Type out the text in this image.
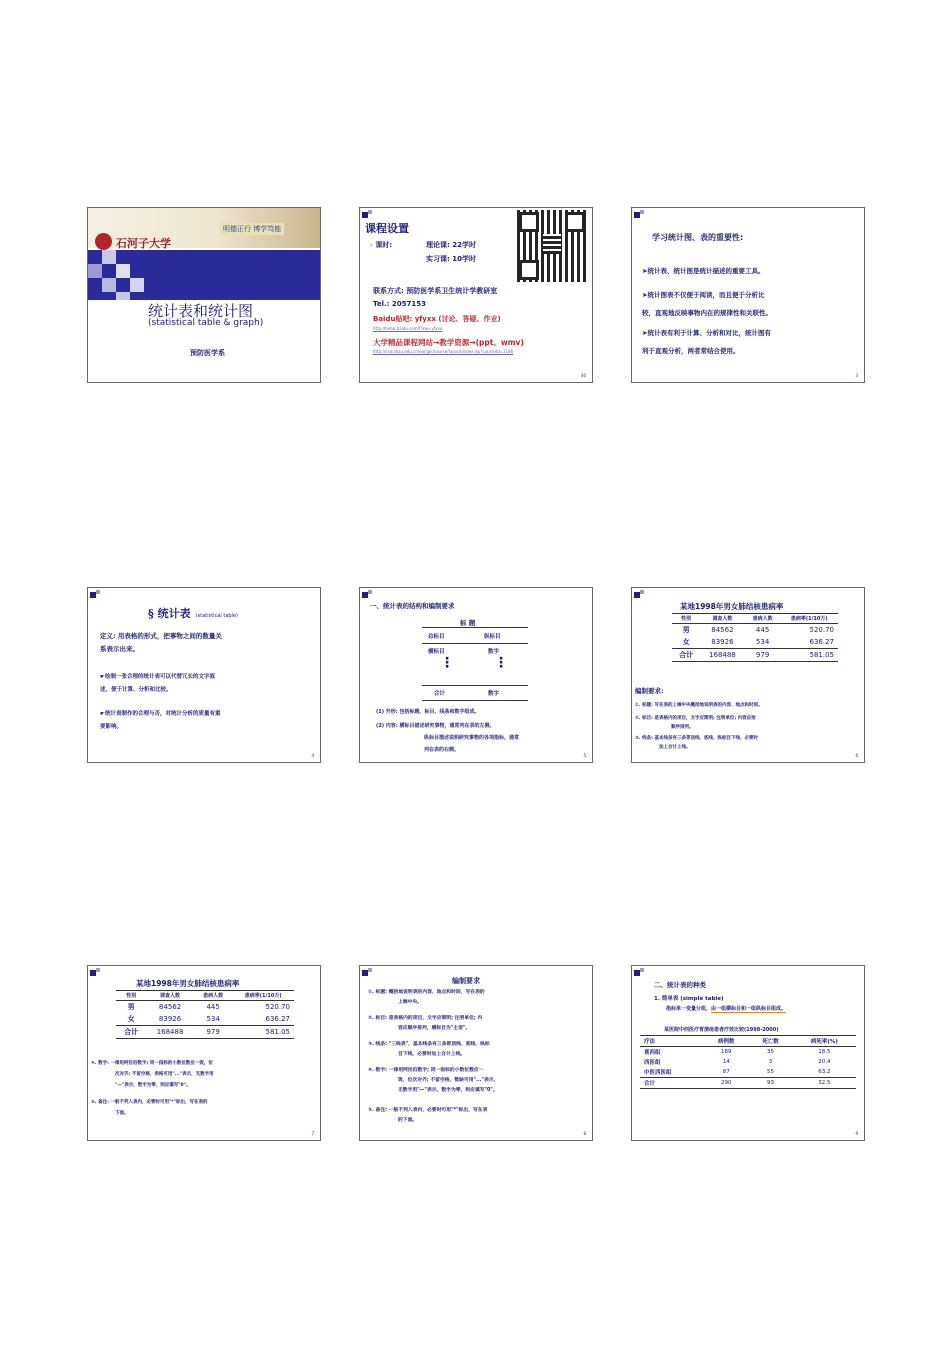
石河子大学
明德正行 博学笃能
统计表和统计图
(statistical table & graph)
预防医学系
课程设置
› 课时:	理论课: 22学时
实习课: 10学时
联系方式: 预防医学系卫生统计学教研室
Tel.: 2057153
Baidu贴吧: yfyxx (讨论、答疑、作业)
http://tieba.baidu.com/f?kw=yfyxx
大学精品课程网站→教学资源→(ppt、wmv)
http://cnd.shzu.edu.cn/eol/jpk/course/layout/index.jsp?courseId=1186
40
学习统计图、表的重要性:
➤统计表、统计图是统计描述的重要工具。
➤统计图表不仅便于阅读，而且便于分析比
较，直观地反映事物内在的规律性和关联性。
➤统计表有利于计算、分析和对比，统计图有
利于直观分析，两者常结合使用。
3
§ 统计表 (statistical table)
定义: 用表格的形式，把事物之间的数量关
系表示出来。
☛绘制一张合理的统计表可以代替冗长的文字叙
述，便于计算、分析和比较。
☛统计表制作的合理与否，对统计分析的质量有重
要影响。
4
一、统计表的结构和编制要求
标 题
总标目	纵标目
横标目	数字
⋮	⋮
合计	数字
(1) 外形: 包括标题、标目、线条和数字组成。
(2) 内容: 横标目描述研究事物，通常列在表的左侧。
纵标目描述说明研究事物的各项指标，通常
列在表的右侧。
5
某地1998年男女肺结核患病率
性别	调查人数	患病人数	患病率(1/10万)
男	84562	445	520.70
女	83926	534	636.27
合计	168488	979	581.05
编制要求:
①. 标题: 写在表的上端中央概括地说明表的内容、地点和时间。
②. 标目: 是表格内的项目，文字应简明; 注明单位; 内容应按
顺序排列。
③. 线条: 基本线条有三条等顶线、底线、纵标目下线，必要时
加上合计上线。
6
某地1998年男女肺结核患病率
性别	调查人数	患病人数	患病率(1/10万)
男	84562	445	520.70
女	83926	534	636.27
合计	168488	979	581.05
④. 数字: 一律用阿拉伯数字; 同一指标的小数位数应一致，位
次对齐; 不留空格，表格可用"..."表示，无数字用
"—"表示，数字为零，则应填写"0"。
⑤. 备注: 一般不列入表内，必要时可用"*"标出，写在表的
下面。
7
编制要求
①. 标题: 概括地说明表的内容、地点和时间，写在表的
上端中央。
②. 标目: 是表格内的项目，文字应简明; 注明单位; 内
容应顺序排列，横标目为"主语"。
③. 线条: "三线表"，基本线条有三条即顶线、底线、纵标
目下线，必要时加上合计上线。
④. 数字: 一律用阿拉伯数字; 同一指标的小数位数应一
致，位次对齐; 不留空格，暂缺可用"..."表示，
无数字用"—"表示，数字为零，则应填写"0"。
⑤. 备注: 一般不列入表内，必要时可用"*"标出，写在表
的下面。
8
二、统计表的种类
1. 简单表 (simple table)
指标单一变量分组，由一组横标目和一组纵标目组成。
某医院中西医疗胃溃疡患者疗效比较(1998-2000)
疗法	病例数	死亡数	病死率(%)
喜西组	189	35	18.5
西医组	14	3	20.4
中医西医组	87	55	63.2
合计	290	93	32.5
9
